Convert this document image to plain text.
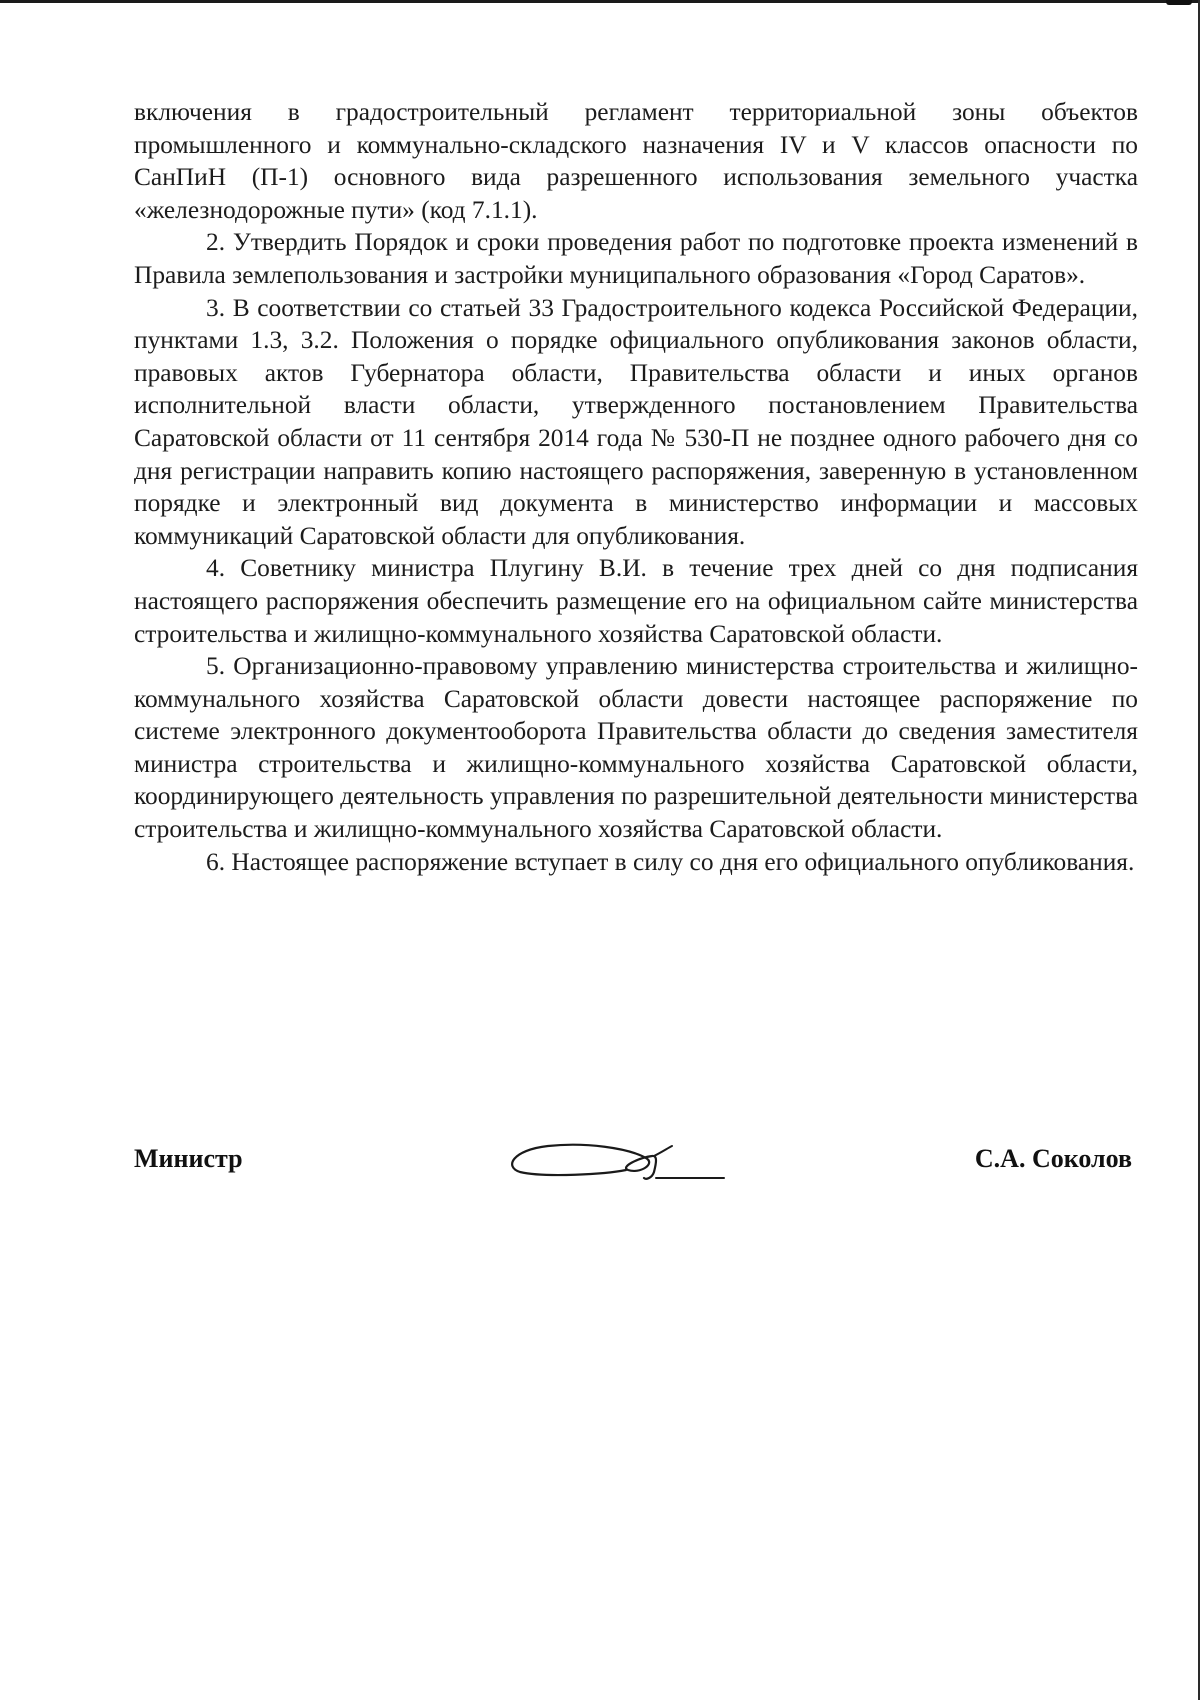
включения в градостроительный регламент территориальной зоны объектов промышленного и коммунально-складского назначения IV и V классов опасности по СанПиН (П-1) основного вида разрешенного использования земельного участка «железнодорожные пути» (код 7.1.1).

2. Утвердить Порядок и сроки проведения работ по подготовке проекта изменений в Правила землепользования и застройки муниципального образования «Город Саратов».

3. В соответствии со статьей 33 Градостроительного кодекса Российской Федерации, пунктами 1.3, 3.2. Положения о порядке официального опубликования законов области, правовых актов Губернатора области, Правительства области и иных органов исполнительной власти области, утвержденного постановлением Правительства Саратовской области от 11 сентября 2014 года № 530-П не позднее одного рабочего дня со дня регистрации направить копию настоящего распоряжения, заверенную в установленном порядке и электронный вид документа в министерство информации и массовых коммуникаций Саратовской области для опубликования.

4. Советнику министра Плугину В.И. в течение трех дней со дня подписания настоящего распоряжения обеспечить размещение его на официальном сайте министерства строительства и жилищно-коммунального хозяйства Саратовской области.

5. Организационно-правовому управлению министерства строительства и жилищно-коммунального хозяйства Саратовской области довести настоящее распоряжение по системе электронного документооборота Правительства области до сведения заместителя министра строительства и жилищно-коммунального хозяйства Саратовской области, координирующего деятельность управления по разрешительной деятельности министерства строительства и жилищно-коммунального хозяйства Саратовской области.

6. Настоящее распоряжение вступает в силу со дня его официального опубликования.

Министр	С.А. Соколов
